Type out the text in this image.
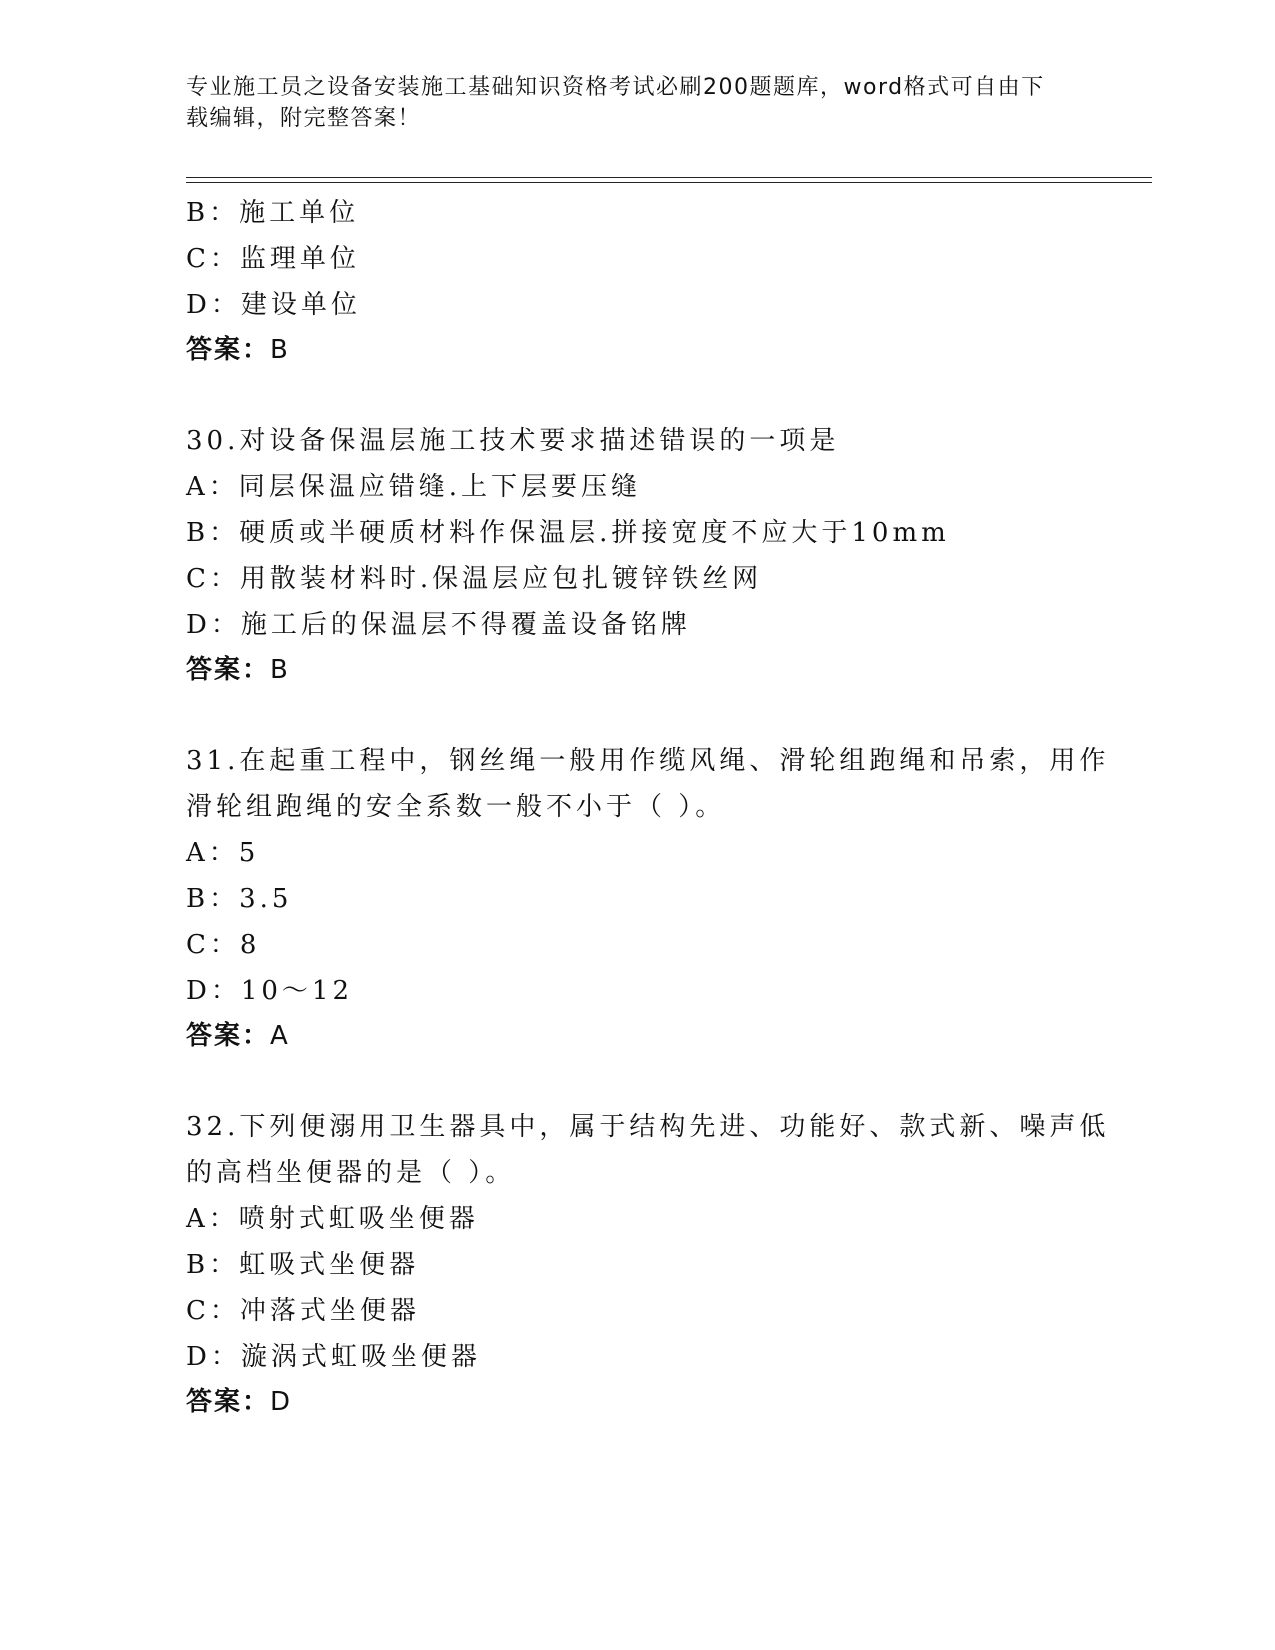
专业施工员之设备安装施工基础知识资格考试必刷200题题库，word格式可自由下载编辑，附完整答案！

B：施工单位

C：监理单位

D：建设单位

答案：B

30.对设备保温层施工技术要求描述错误的一项是

A：同层保温应错缝.上下层要压缝

B：硬质或半硬质材料作保温层.拼接宽度不应大于10mm

C：用散装材料时.保温层应包扎镀锌铁丝网

D：施工后的保温层不得覆盖设备铭牌

答案：B

31.在起重工程中，钢丝绳一般用作缆风绳、滑轮组跑绳和吊索，用作滑轮组跑绳的安全系数一般不小于（ ）。

A：5

B：3.5

C：8

D：10～12

答案：A

32.下列便溺用卫生器具中，属于结构先进、功能好、款式新、噪声低的高档坐便器的是（ ）。

A：喷射式虹吸坐便器

B：虹吸式坐便器

C：冲落式坐便器

D：漩涡式虹吸坐便器

答案：D
